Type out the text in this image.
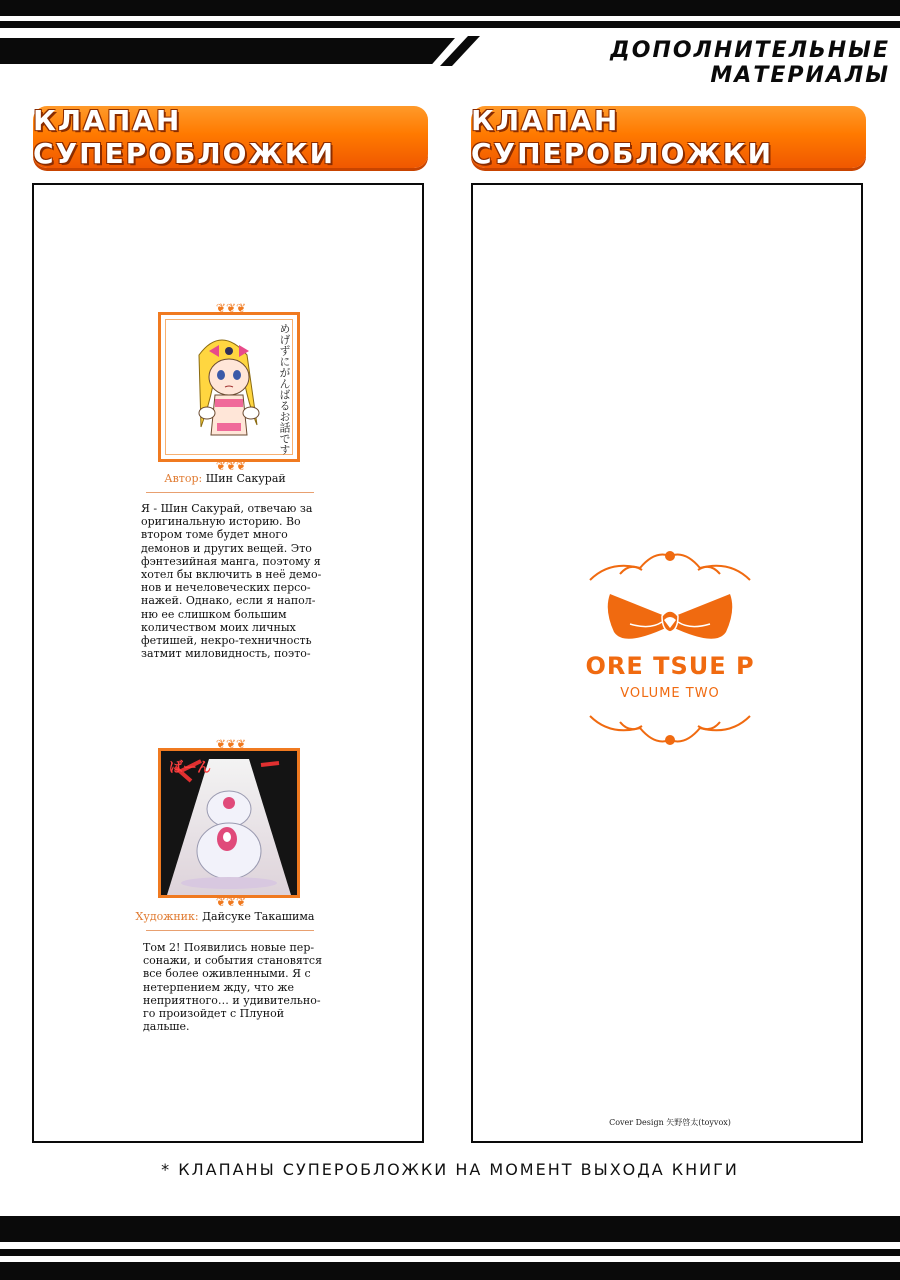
ДОПОЛНИТЕЛЬНЫЕ МАТЕРИАЛЫ
КЛАПАН СУПЕРОБЛОЖКИ
КЛАПАН СУПЕРОБЛОЖКИ
❦❦❦
めげずにがんばるお話です
❦❦❦
Автор: Шин Сакурай
Я - Шин Сакурай, отвечаю за
оригинальную историю. Во
втором томе будет много
демонов и других вещей. Это
фэнтезийная манга, поэтому я
хотел бы включить в неё демо-
нов и нечеловеческих персо-
нажей. Однако, если я напол-
ню ее слишком большим
количеством моих личных
фетишей, некро-техничность
затмит миловидность, поэто-
❦❦❦
ばーん
❦❦❦
Художник: Дайсуке Такашима
Том 2! Появились новые пер-
сонажи, и события становятся
все более оживленными. Я с
нетерпением жду, что же
неприятного… и удивительно-
го произойдет с Плуной
дальше.
ORE TSUE P
VOLUME TWO
Cover Design 矢野啓太(toyvox)
* КЛАПАНЫ СУПЕРОБЛОЖКИ НА МОМЕНТ ВЫХОДА КНИГИ
